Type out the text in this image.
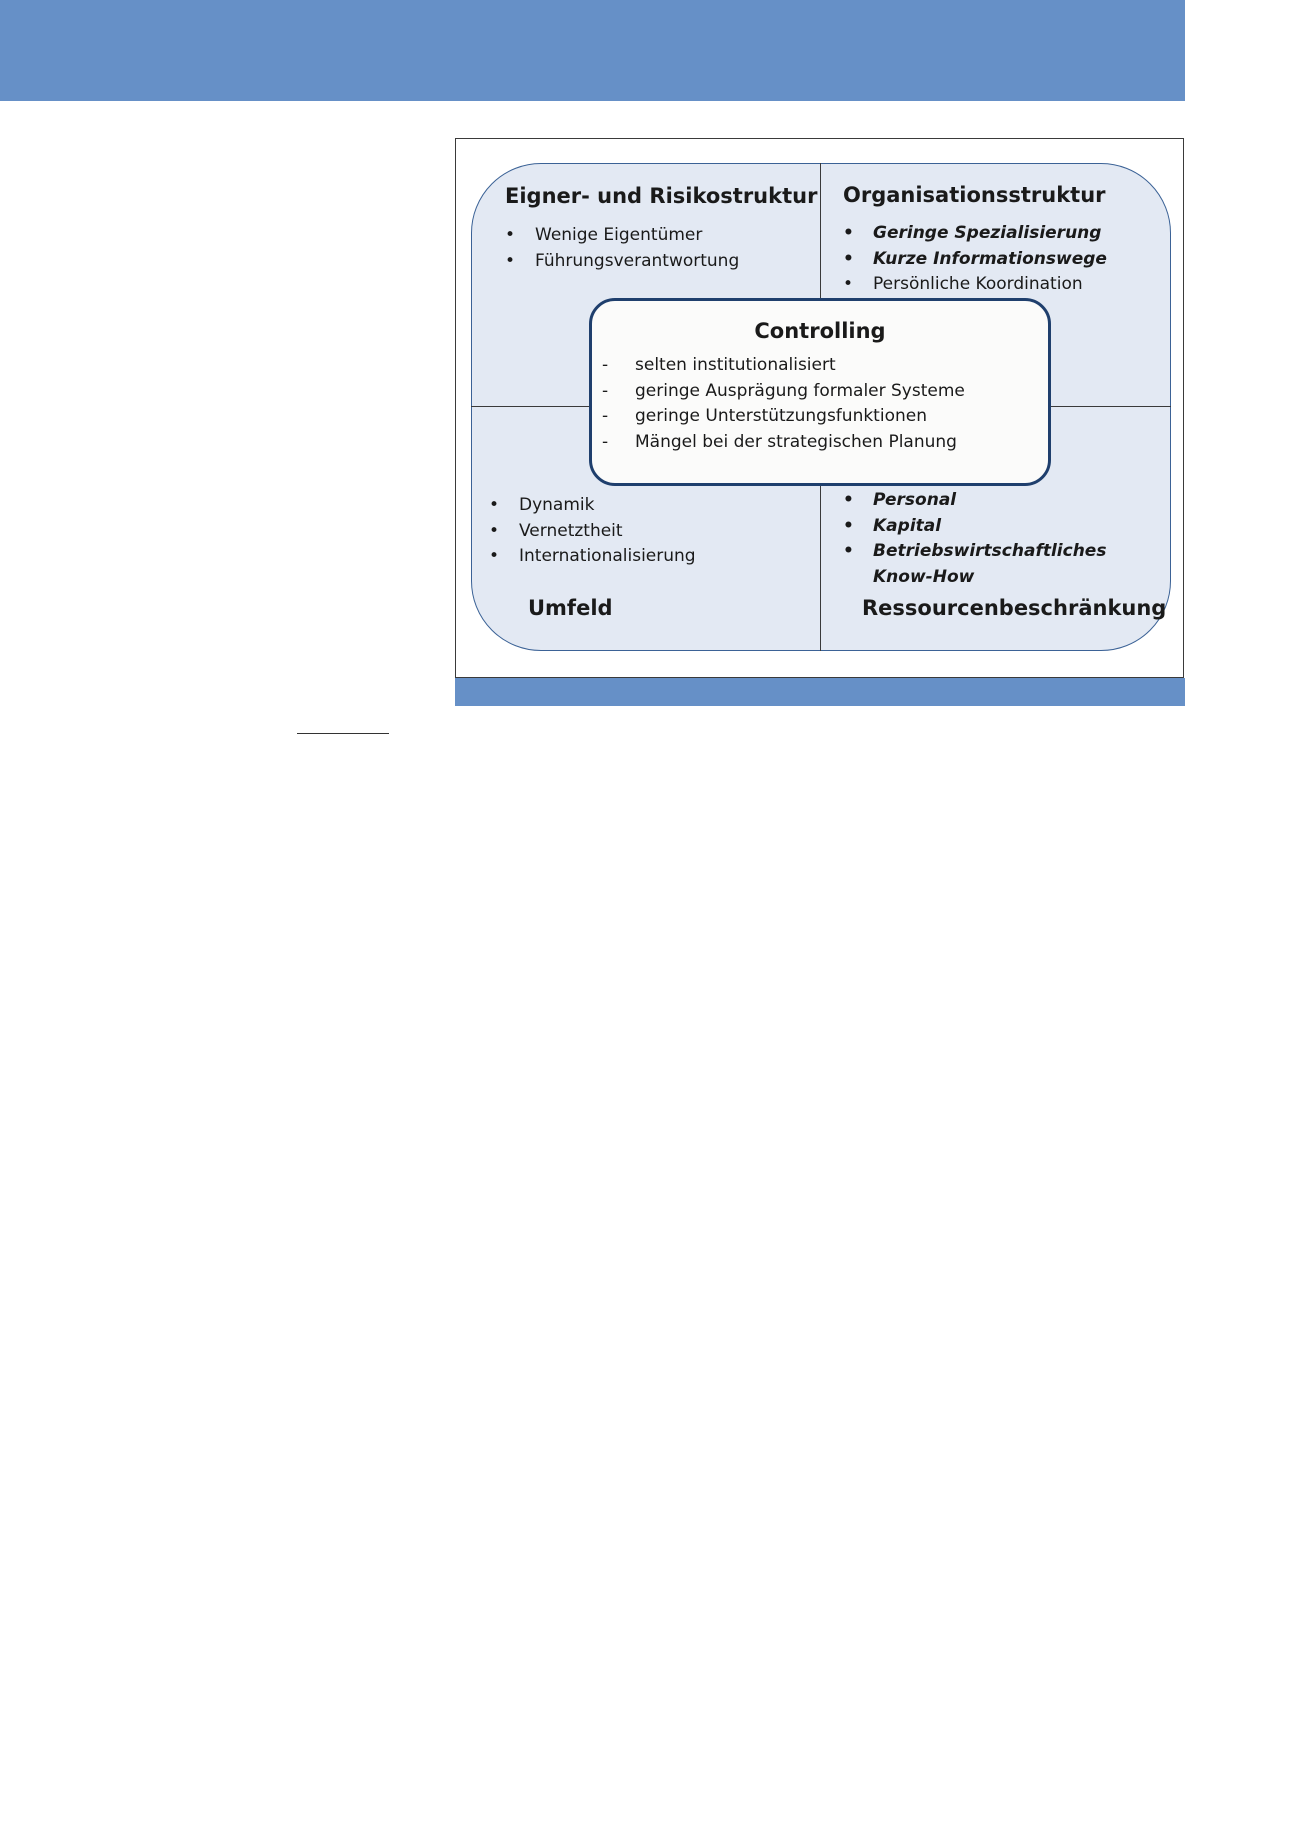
Eigner- und Risikostruktur
• Wenige Eigentümer
• Führungsverantwortung
Organisationsstruktur
• Geringe Spezialisierung
• Kurze Informationswege
• Persönliche Koordination
• Dynamik
• Vernetztheit
• Internationalisierung
Umfeld
• Personal
• Kapital
• Betriebswirtschaftliches Know-How
Ressourcenbeschränkung
Controlling
- selten institutionalisiert
- geringe Ausprägung formaler Systeme
- geringe Unterstützungsfunktionen
- Mängel bei der strategischen Planung
